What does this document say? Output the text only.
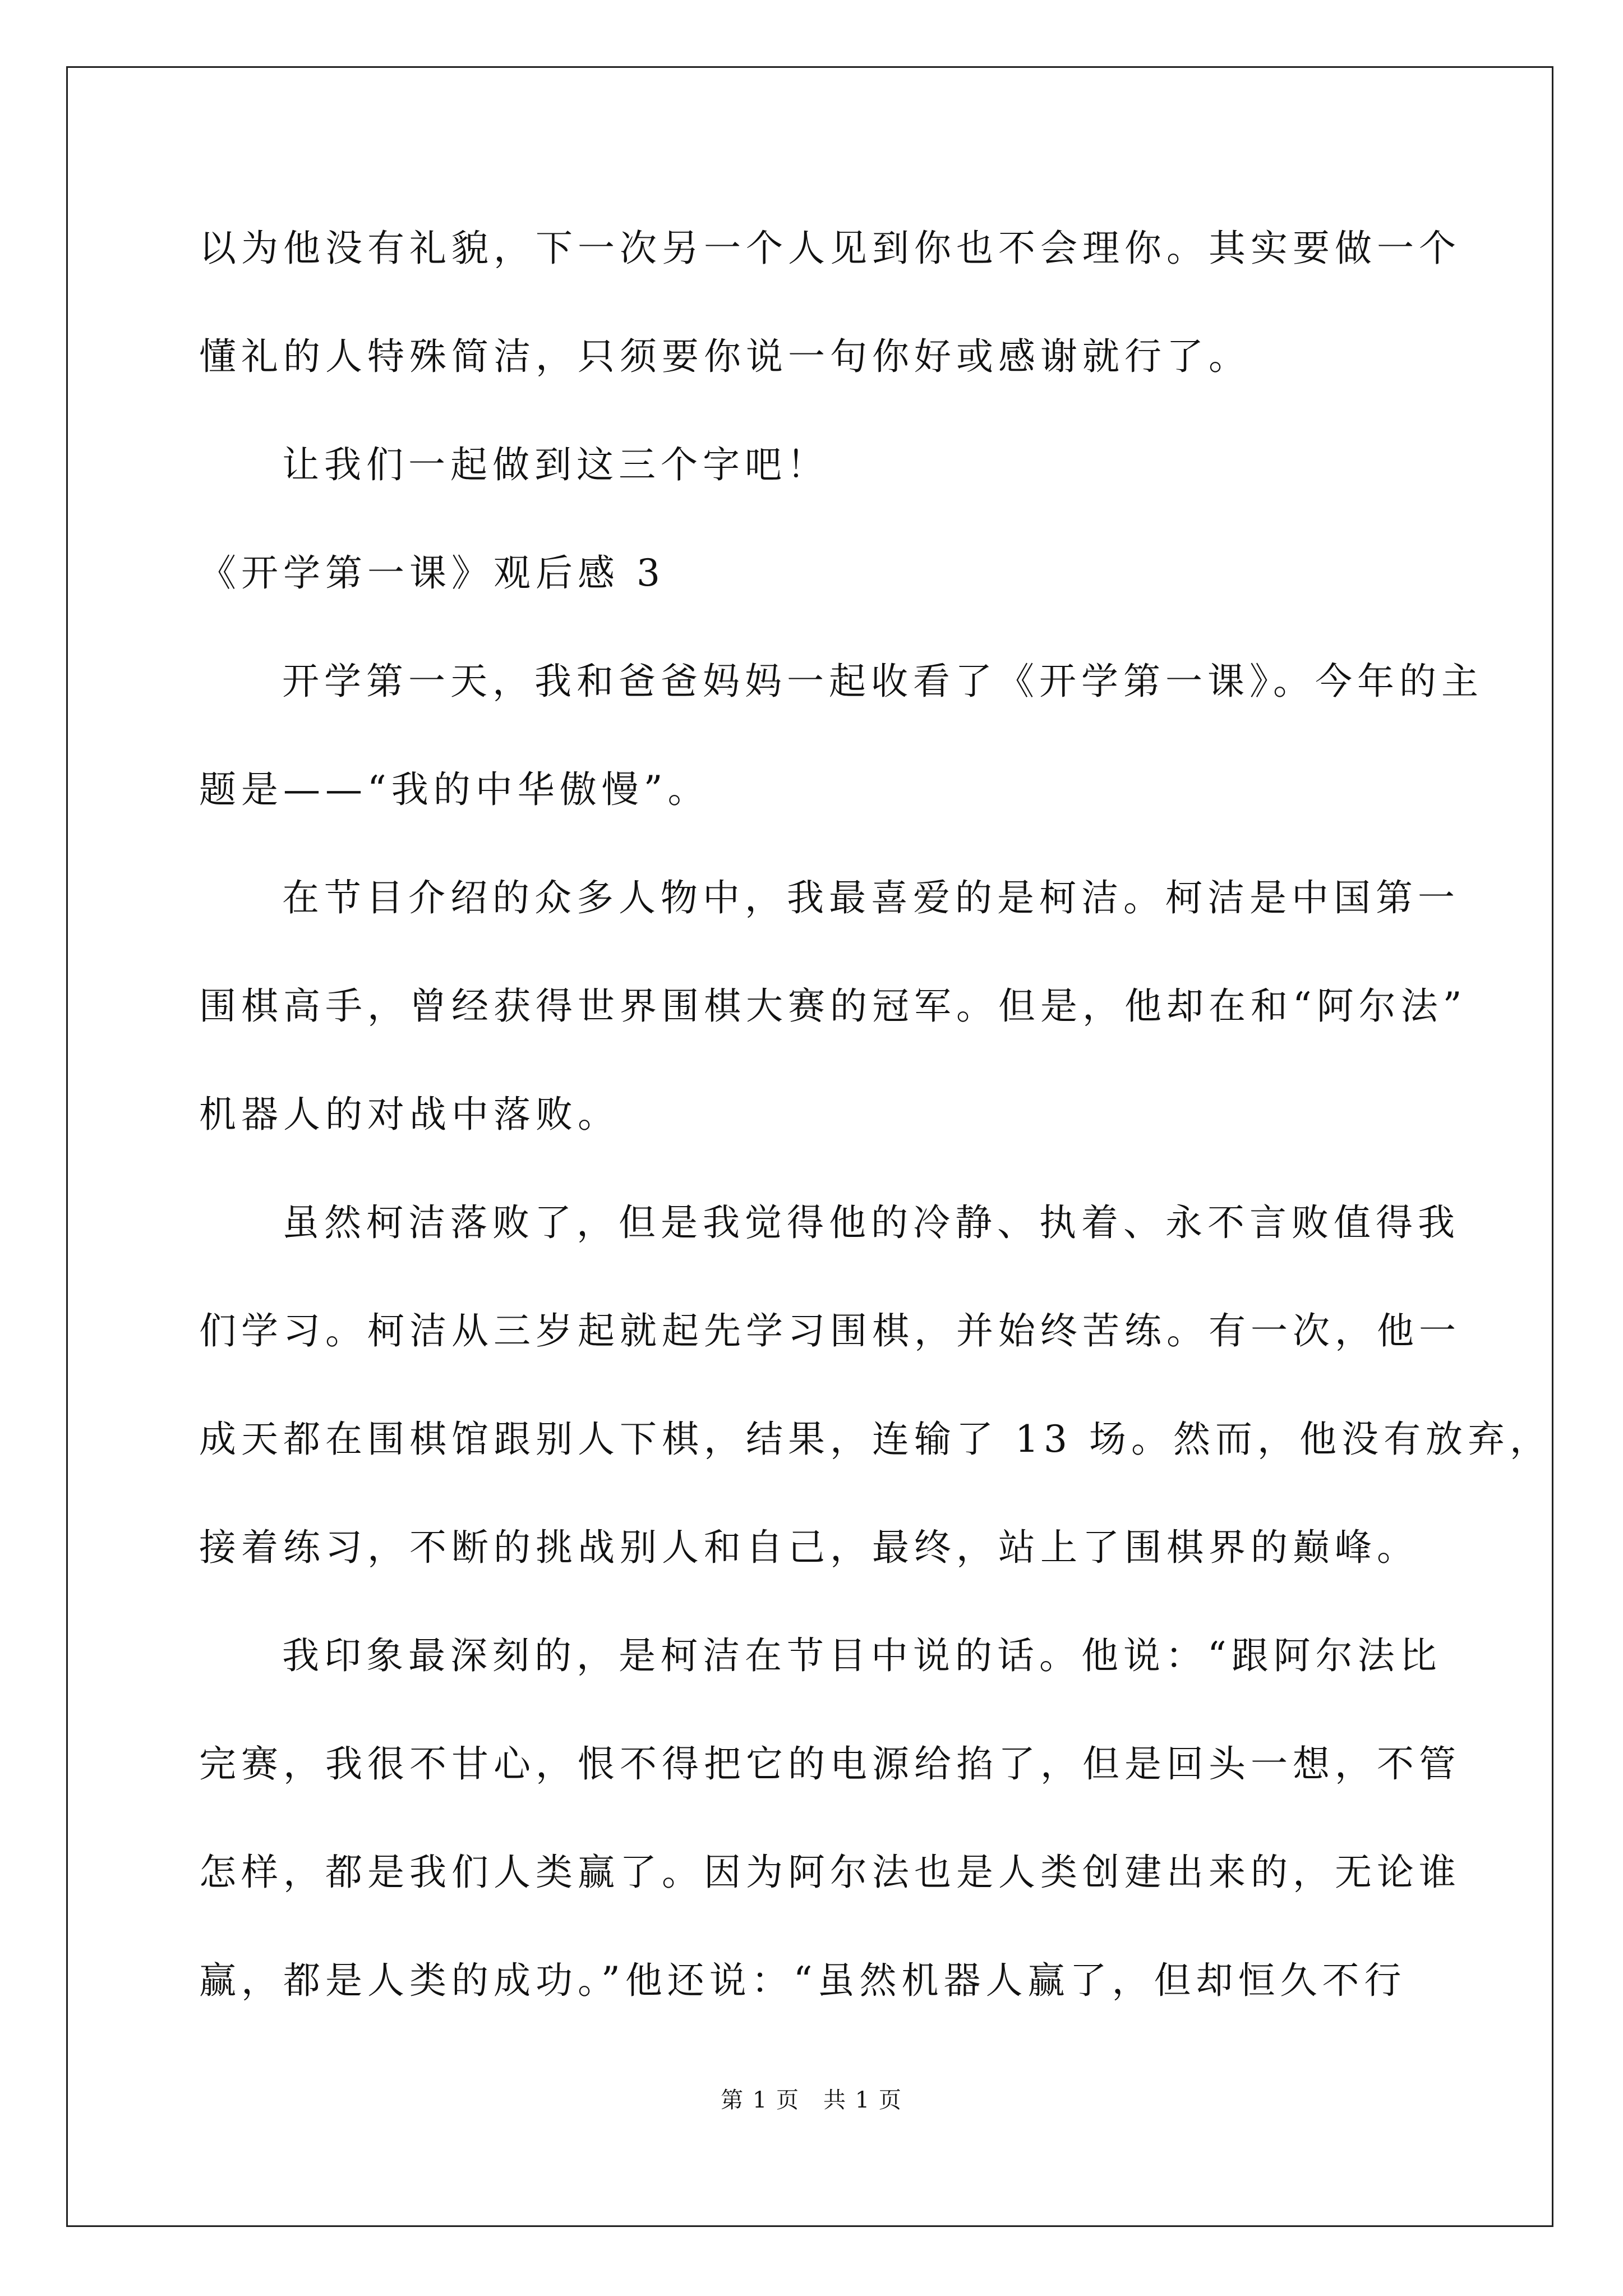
以为他没有礼貌，下一次另一个人见到你也不会理你。其实要做一个
懂礼的人特殊简洁，只须要你说一句你好或感谢就行了。
让我们一起做到这三个字吧！
《开学第一课》观后感 3
开学第一天，我和爸爸妈妈一起收看了《开学第一课》。今年的主
题是——“我的中华傲慢”。
在节目介绍的众多人物中，我最喜爱的是柯洁。柯洁是中国第一
围棋高手，曾经获得世界围棋大赛的冠军。但是，他却在和“阿尔法”
机器人的对战中落败。
虽然柯洁落败了，但是我觉得他的冷静、执着、永不言败值得我
们学习。柯洁从三岁起就起先学习围棋，并始终苦练。有一次，他一
成天都在围棋馆跟别人下棋，结果，连输了 13 场。然而，他没有放弃，
接着练习，不断的挑战别人和自己，最终，站上了围棋界的巅峰。
我印象最深刻的，是柯洁在节目中说的话。他说：“跟阿尔法比
完赛，我很不甘心，恨不得把它的电源给掐了，但是回头一想，不管
怎样，都是我们人类赢了。因为阿尔法也是人类创建出来的，无论谁
赢，都是人类的成功。”他还说：“虽然机器人赢了，但却恒久不行
第 1 页　共 1 页
